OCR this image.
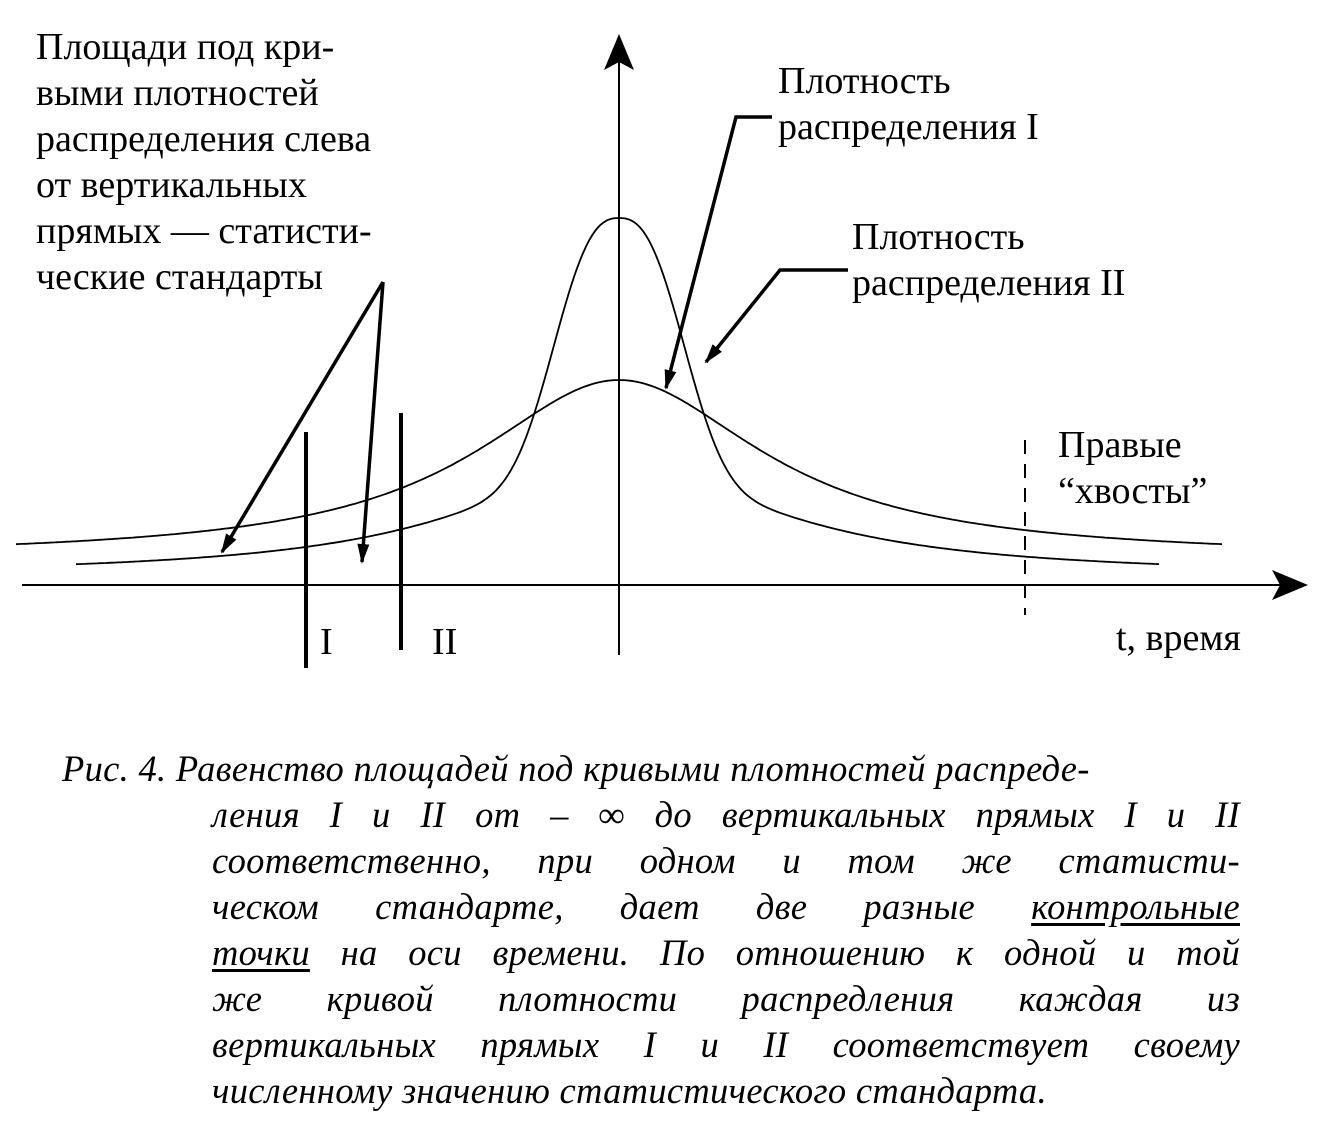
Площади под кри-
выми плотностей
распределения слева
от вертикальных
прямых — статисти-
ческие стандарты
Плотность
распределения I
Плотность
распределения II
Правые
“хвосты”
I	II	t, время
Рис. 4. Равенство площадей под кривыми плотностей распреде-
ления I и II от – ∞ до вертикальных прямых I и II
соответственно, при одном и том же статисти-
ческом стандарте, дает две разные контрольные
точки на оси времени. По отношению к одной и той
же кривой плотности распредления каждая из
вертикальных прямых I и II соответствует своему
численному значению статистического стандарта.
